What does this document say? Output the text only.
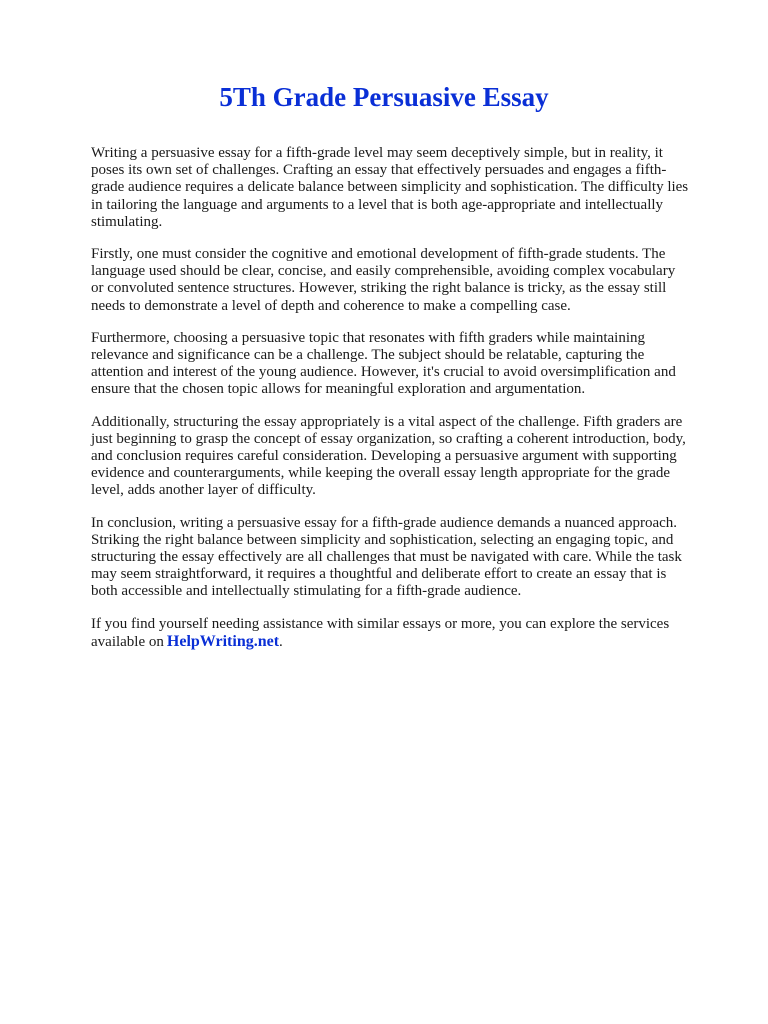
5Th Grade Persuasive Essay

Writing a persuasive essay for a fifth-grade level may seem deceptively simple, but in reality, it poses its own set of challenges. Crafting an essay that effectively persuades and engages a fifth-grade audience requires a delicate balance between simplicity and sophistication. The difficulty lies in tailoring the language and arguments to a level that is both age-appropriate and intellectually stimulating.

Firstly, one must consider the cognitive and emotional development of fifth-grade students. The language used should be clear, concise, and easily comprehensible, avoiding complex vocabulary or convoluted sentence structures. However, striking the right balance is tricky, as the essay still needs to demonstrate a level of depth and coherence to make a compelling case.

Furthermore, choosing a persuasive topic that resonates with fifth graders while maintaining relevance and significance can be a challenge. The subject should be relatable, capturing the attention and interest of the young audience. However, it's crucial to avoid oversimplification and ensure that the chosen topic allows for meaningful exploration and argumentation.

Additionally, structuring the essay appropriately is a vital aspect of the challenge. Fifth graders are just beginning to grasp the concept of essay organization, so crafting a coherent introduction, body, and conclusion requires careful consideration. Developing a persuasive argument with supporting evidence and counterarguments, while keeping the overall essay length appropriate for the grade level, adds another layer of difficulty.

In conclusion, writing a persuasive essay for a fifth-grade audience demands a nuanced approach. Striking the right balance between simplicity and sophistication, selecting an engaging topic, and structuring the essay effectively are all challenges that must be navigated with care. While the task may seem straightforward, it requires a thoughtful and deliberate effort to create an essay that is both accessible and intellectually stimulating for a fifth-grade audience.

If you find yourself needing assistance with similar essays or more, you can explore the services available on HelpWriting.net.
